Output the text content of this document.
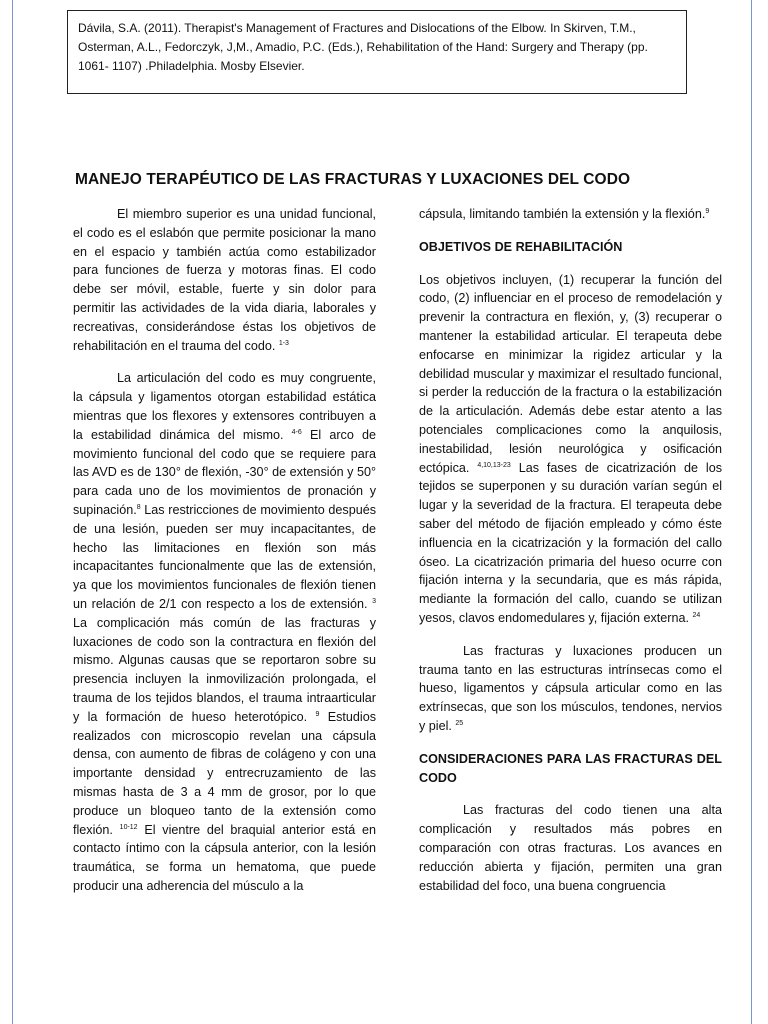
Dávila, S.A. (2011). Therapist's Management of Fractures and Dislocations of the Elbow. In Skirven, T.M., Osterman, A.L., Fedorczyk, J,M., Amadio, P.C. (Eds.), Rehabilitation of the Hand: Surgery and Therapy (pp. 1061- 1107) .Philadelphia. Mosby Elsevier.
MANEJO TERAPÉUTICO DE LAS FRACTURAS Y LUXACIONES DEL CODO

El miembro superior es una unidad funcional, el codo es el eslabón que permite posicionar la mano en el espacio y también actúa como estabilizador para funciones de fuerza y motoras finas. El codo debe ser móvil, estable, fuerte y sin dolor para permitir las actividades de la vida diaria, laborales y recreativas, considerándose éstas los objetivos de rehabilitación en el trauma del codo. $^{1-3}$

La articulación del codo es muy congruente, la cápsula y ligamentos otorgan estabilidad estática mientras que los flexores y extensores contribuyen a la estabilidad dinámica del mismo. $^{4-6}$ El arco de movimiento funcional del codo que se requiere para las AVD es de 130° de flexión, -30° de extensión y 50° para cada uno de los movimientos de pronación y supinación.$^8$ Las restricciones de movimiento después de una lesión, pueden ser muy incapacitantes, de hecho las limitaciones en flexión son más incapacitantes funcionalmente que las de extensión, ya que los movimientos funcionales de flexión tienen un relación de 2/1 con respecto a los de extensión. $^3$ La complicación más común de las fracturas y luxaciones de codo son la contractura en flexión del mismo. Algunas causas que se reportaron sobre su presencia incluyen la inmovilización prolongada, el trauma de los tejidos blandos, el trauma intraarticular y la formación de hueso heterotópico. $^9$ Estudios realizados con microscopio revelan una cápsula densa, con aumento de fibras de colágeno y con una importante densidad y entrecruzamiento de las mismas hasta de 3 a 4 mm de grosor, por lo que produce un bloqueo tanto de la extensión como flexión. $^{10-12}$ El vientre del braquial anterior está en contacto íntimo con la cápsula anterior, con la lesión traumática, se forma un hematoma, que puede producir una adherencia del músculo a la

cápsula, limitando también la extensión y la flexión.$^9$

OBJETIVOS DE REHABILITACIÓN

Los objetivos incluyen, (1) recuperar la función del codo, (2) influenciar en el proceso de remodelación y prevenir la contractura en flexión, y, (3) recuperar o mantener la estabilidad articular. El terapeuta debe enfocarse en minimizar la rigidez articular y la debilidad muscular y maximizar el resultado funcional, si perder la reducción de la fractura o la estabilización de la articulación. Además debe estar atento a las potenciales complicaciones como la anquilosis, inestabilidad, lesión neurológica y osificación ectópica. $^{4,10,13-23}$ Las fases de cicatrización de los tejidos se superponen y su duración varían según el lugar y la severidad de la fractura. El terapeuta debe saber del método de fijación empleado y cómo éste influencia en la cicatrización y la formación del callo óseo. La cicatrización primaria del hueso ocurre con fijación interna y la secundaria, que es más rápida, mediante la formación del callo, cuando se utilizan yesos, clavos endomedulares y, fijación externa. $^{24}$

Las fracturas y luxaciones producen un trauma tanto en las estructuras intrínsecas como el hueso, ligamentos y cápsula articular como en las extrínsecas, que son los músculos, tendones, nervios y piel. $^{25}$

CONSIDERACIONES PARA LAS FRACTURAS DEL CODO

Las fracturas del codo tienen una alta complicación y resultados más pobres en comparación con otras fracturas. Los avances en reducción abierta y fijación, permiten una gran estabilidad del foco, una buena congruencia
